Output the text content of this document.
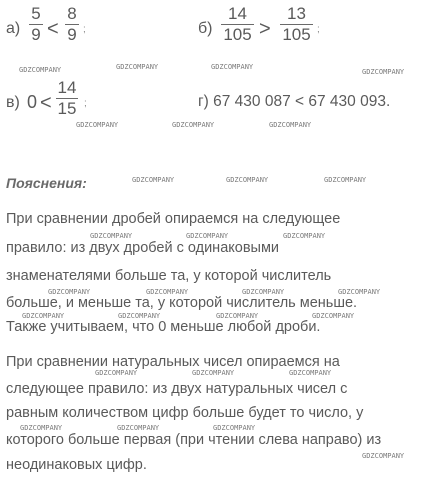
а)
5
9 <
8
9 ;	б)
14
105 >
13
105 ;
в) 0 <
14
15 ;	г) 67 430 087 < 67 430 093.
Пояснения:
При сравнении дробей опираемся на следующее
правило: из двух дробей с одинаковыми
знаменателями больше та, у которой числитель
больше, и меньше та, у которой числитель меньше.
Также учитываем, что 0 меньше любой дроби.
При сравнении натуральных чисел опираемся на
следующее правило: из двух натуральных чисел с
равным количеством цифр больше будет то число, у
которого больше первая (при чтении слева направо) из
неодинаковых цифр.
GDZCOMPANY	GDZCOMPANY	GDZCOMPANY
GDZCOMPANY
GDZCOMPANY	GDZCOMPANY	GDZCOMPANY
GDZCOMPANY	GDZCOMPANY	GDZCOMPANY
GDZCOMPANY	GDZCOMPANY	GDZCOMPANY
GDZCOMPANY	GDZCOMPANY	GDZCOMPANY	GDZCOMPANY
GDZCOMPANY	GDZCOMPANY	GDZCOMPANY	GDZCOMPANY
GDZCOMPANY	GDZCOMPANY	GDZCOMPANY
GDZCOMPANY	GDZCOMPANY	GDZCOMPANY
GDZCOMPANY
